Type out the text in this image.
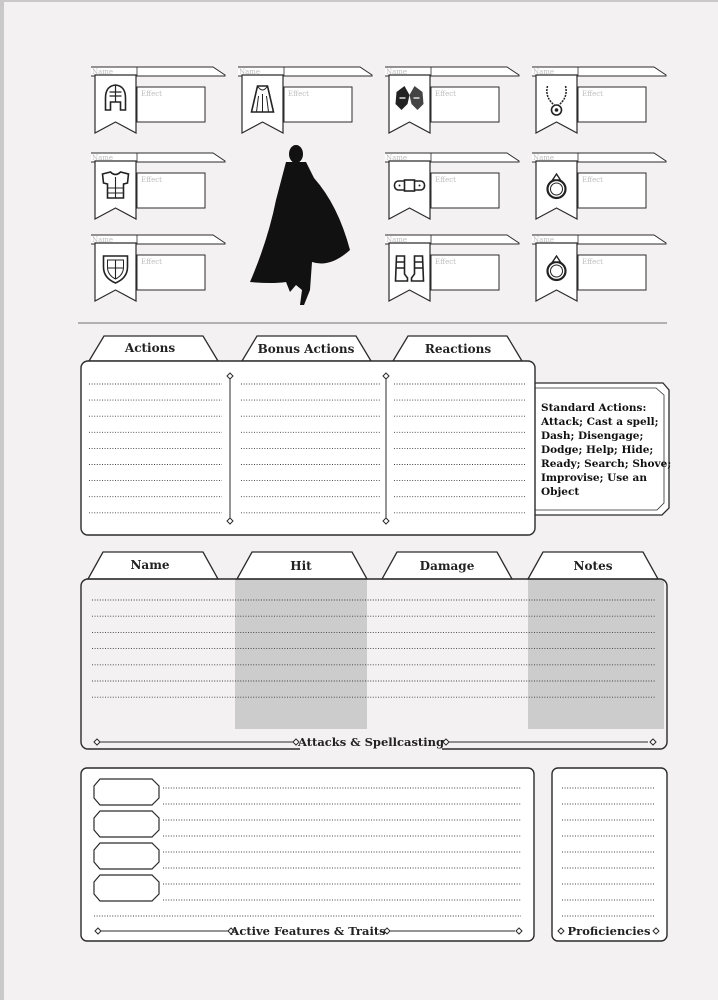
Name
Effect
Name
Effect
Name
Effect
Name
Effect
Name
Effect
Name
Effect
Name
Effect
Name
Effect
Name
Effect
Name
Effect
Actions	Bonus Actions	Reactions
Standard Actions: Attack; Cast a spell; Dash; Disengage; Dodge; Help; Hide; Ready; Search; Shove; Improvise; Use an Object
Name	Hit	Damage	Notes
Attacks & Spellcasting
Active Features & Traits	Proficiencies
